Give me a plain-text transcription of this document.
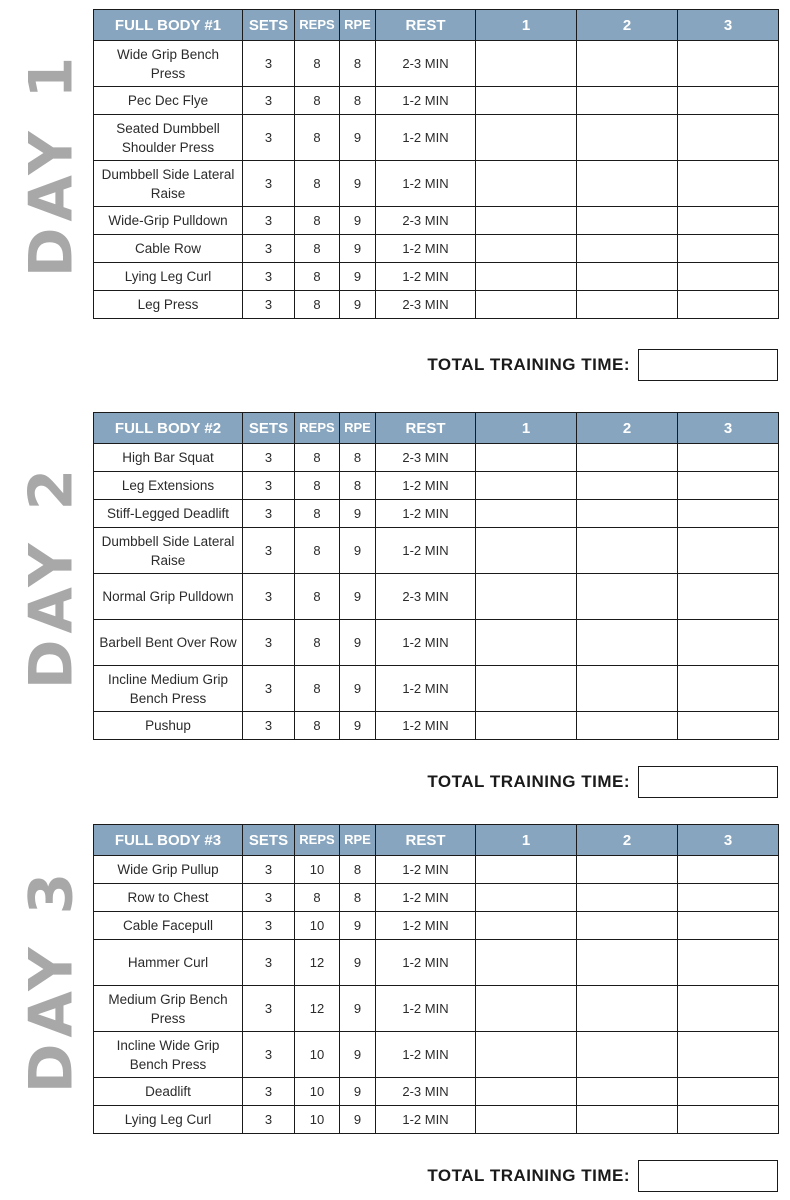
DAY 1
FULL BODY #1	SETS	REPS	RPE	REST	1	2	3
Wide Grip Bench Press	3	8	8	2-3 MIN			
Pec Dec Flye	3	8	8	1-2 MIN			
Seated Dumbbell Shoulder Press	3	8	9	1-2 MIN			
Dumbbell Side Lateral Raise	3	8	9	1-2 MIN			
Wide-Grip Pulldown	3	8	9	2-3 MIN			
Cable Row	3	8	9	1-2 MIN			
Lying Leg Curl	3	8	9	1-2 MIN			
Leg Press	3	8	9	2-3 MIN			
TOTAL TRAINING TIME:
DAY 2
FULL BODY #2	SETS	REPS	RPE	REST	1	2	3
High Bar Squat	3	8	8	2-3 MIN			
Leg Extensions	3	8	8	1-2 MIN			
Stiff-Legged Deadlift	3	8	9	1-2 MIN			
Dumbbell Side Lateral Raise	3	8	9	1-2 MIN			
Normal Grip Pulldown	3	8	9	2-3 MIN			
Barbell Bent Over Row	3	8	9	1-2 MIN			
Incline Medium Grip Bench Press	3	8	9	1-2 MIN			
Pushup	3	8	9	1-2 MIN			
TOTAL TRAINING TIME:
DAY 3
FULL BODY #3	SETS	REPS	RPE	REST	1	2	3
Wide Grip Pullup	3	10	8	1-2 MIN			
Row to Chest	3	8	8	1-2 MIN			
Cable Facepull	3	10	9	1-2 MIN			
Hammer Curl	3	12	9	1-2 MIN			
Medium Grip Bench Press	3	12	9	1-2 MIN			
Incline Wide Grip Bench Press	3	10	9	1-2 MIN			
Deadlift	3	10	9	2-3 MIN			
Lying Leg Curl	3	10	9	1-2 MIN			
TOTAL TRAINING TIME:
